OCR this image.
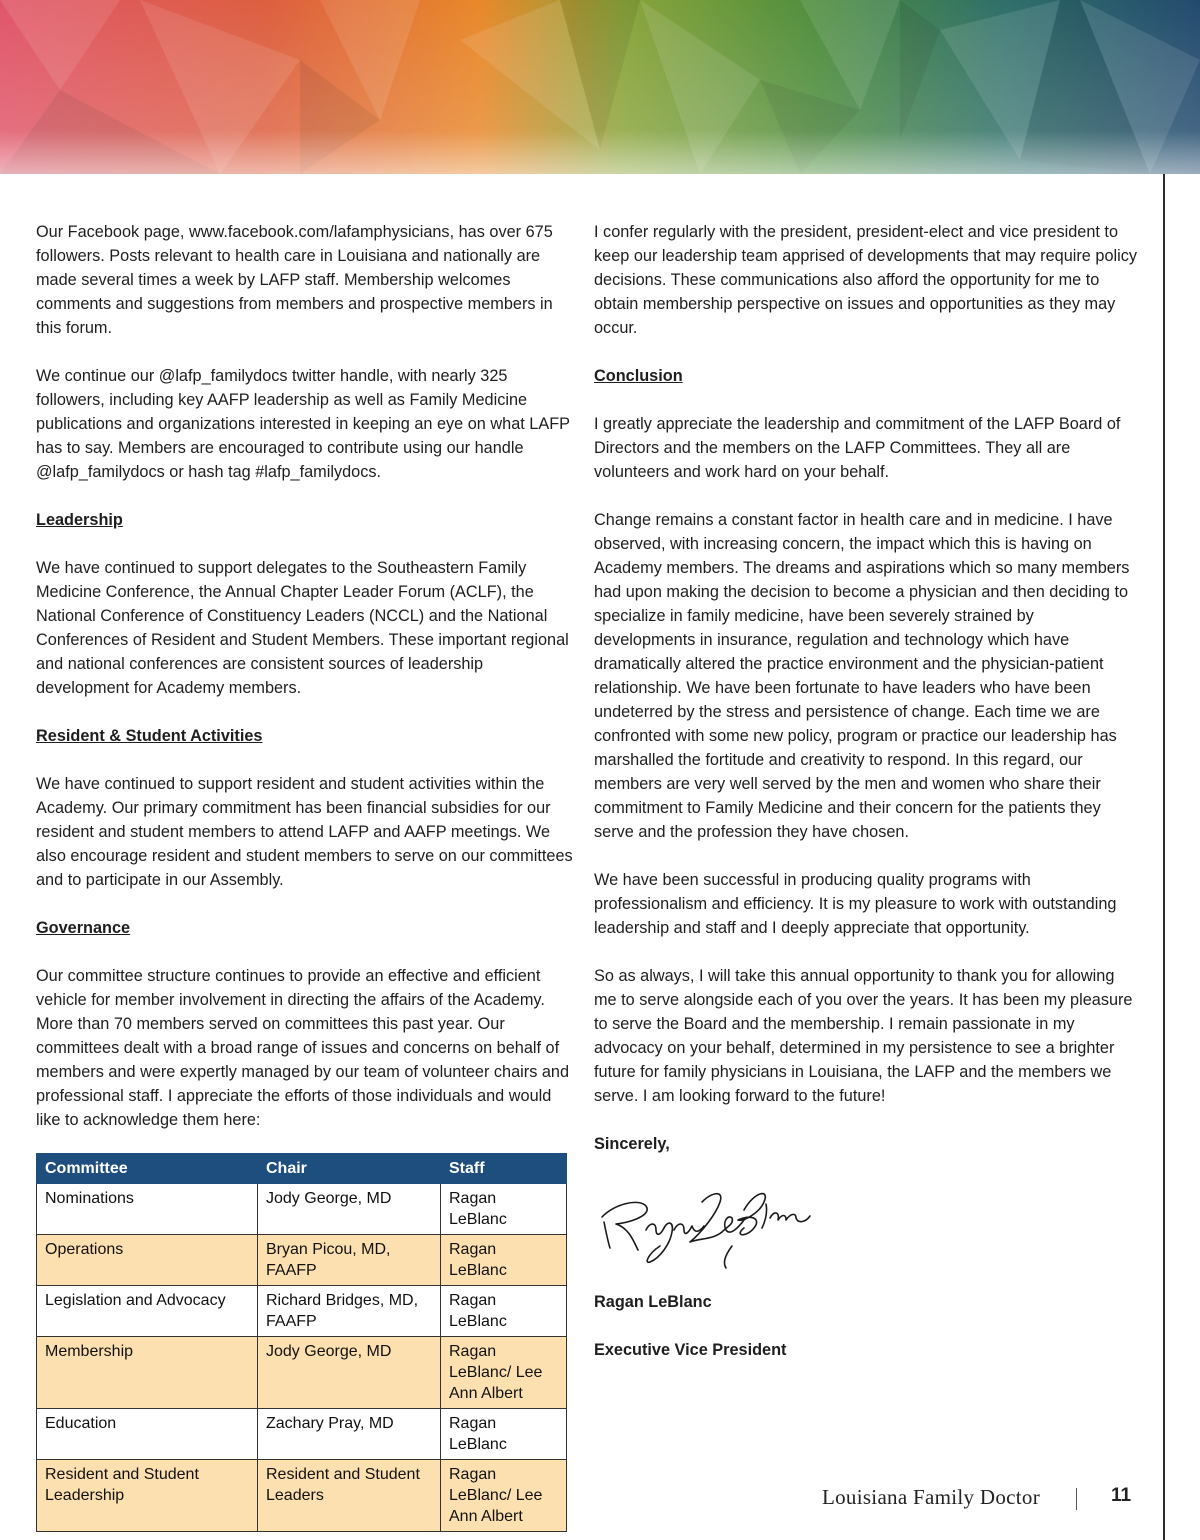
Our Facebook page, www.facebook.com/lafamphysicians, has over 675 followers. Posts relevant to health care in Louisiana and nationally are made several times a week by LAFP staff. Membership welcomes comments and suggestions from members and prospective members in this forum.

We continue our @lafp_familydocs twitter handle, with nearly 325 followers, including key AAFP leadership as well as Family Medicine publications and organizations interested in keeping an eye on what LAFP has to say. Members are encouraged to contribute using our handle @lafp_familydocs or hash tag #lafp_familydocs.

Leadership

We have continued to support delegates to the Southeastern Family Medicine Conference, the Annual Chapter Leader Forum (ACLF), the National Conference of Constituency Leaders (NCCL) and the National Conferences of Resident and Student Members. These important regional and national conferences are consistent sources of leadership development for Academy members.

Resident & Student Activities

We have continued to support resident and student activities within the Academy. Our primary commitment has been financial subsidies for our resident and student members to attend LAFP and AAFP meetings. We also encourage resident and student members to serve on our committees and to participate in our Assembly.

Governance

Our committee structure continues to provide an effective and efficient vehicle for member involvement in directing the affairs of the Academy. More than 70 members served on committees this past year. Our committees dealt with a broad range of issues and concerns on behalf of members and were expertly managed by our team of volunteer chairs and professional staff. I appreciate the efforts of those individuals and would like to acknowledge them here:

Committee	Chair	Staff
Nominations	Jody George, MD	Ragan LeBlanc
Operations	Bryan Picou, MD, FAAFP	Ragan LeBlanc
Legislation and Advocacy	Richard Bridges, MD, FAAFP	Ragan LeBlanc
Membership	Jody George, MD	Ragan LeBlanc/ Lee Ann Albert
Education	Zachary Pray, MD	Ragan LeBlanc
Resident and Student Leadership	Resident and Student Leaders	Ragan LeBlanc/ Lee Ann Albert

I confer regularly with the president, president-elect and vice president to keep our leadership team apprised of developments that may require policy decisions. These communications also afford the opportunity for me to obtain membership perspective on issues and opportunities as they may occur.

Conclusion

I greatly appreciate the leadership and commitment of the LAFP Board of Directors and the members on the LAFP Committees. They all are volunteers and work hard on your behalf.

Change remains a constant factor in health care and in medicine. I have observed, with increasing concern, the impact which this is having on Academy members. The dreams and aspirations which so many members had upon making the decision to become a physician and then deciding to specialize in family medicine, have been severely strained by developments in insurance, regulation and technology which have dramatically altered the practice environment and the physician-patient relationship. We have been fortunate to have leaders who have been undeterred by the stress and persistence of change. Each time we are confronted with some new policy, program or practice our leadership has marshalled the fortitude and creativity to respond. In this regard, our members are very well served by the men and women who share their commitment to Family Medicine and their concern for the patients they serve and the profession they have chosen.

We have been successful in producing quality programs with professionalism and efficiency. It is my pleasure to work with outstanding leadership and staff and I deeply appreciate that opportunity.

So as always, I will take this annual opportunity to thank you for allowing me to serve alongside each of you over the years. It has been my pleasure to serve the Board and the membership. I remain passionate in my advocacy on your behalf, determined in my persistence to see a brighter future for family physicians in Louisiana, the LAFP and the members we serve. I am looking forward to the future!

Sincerely,

Ragan LeBlanc

Executive Vice President

Louisiana Family Doctor	11
